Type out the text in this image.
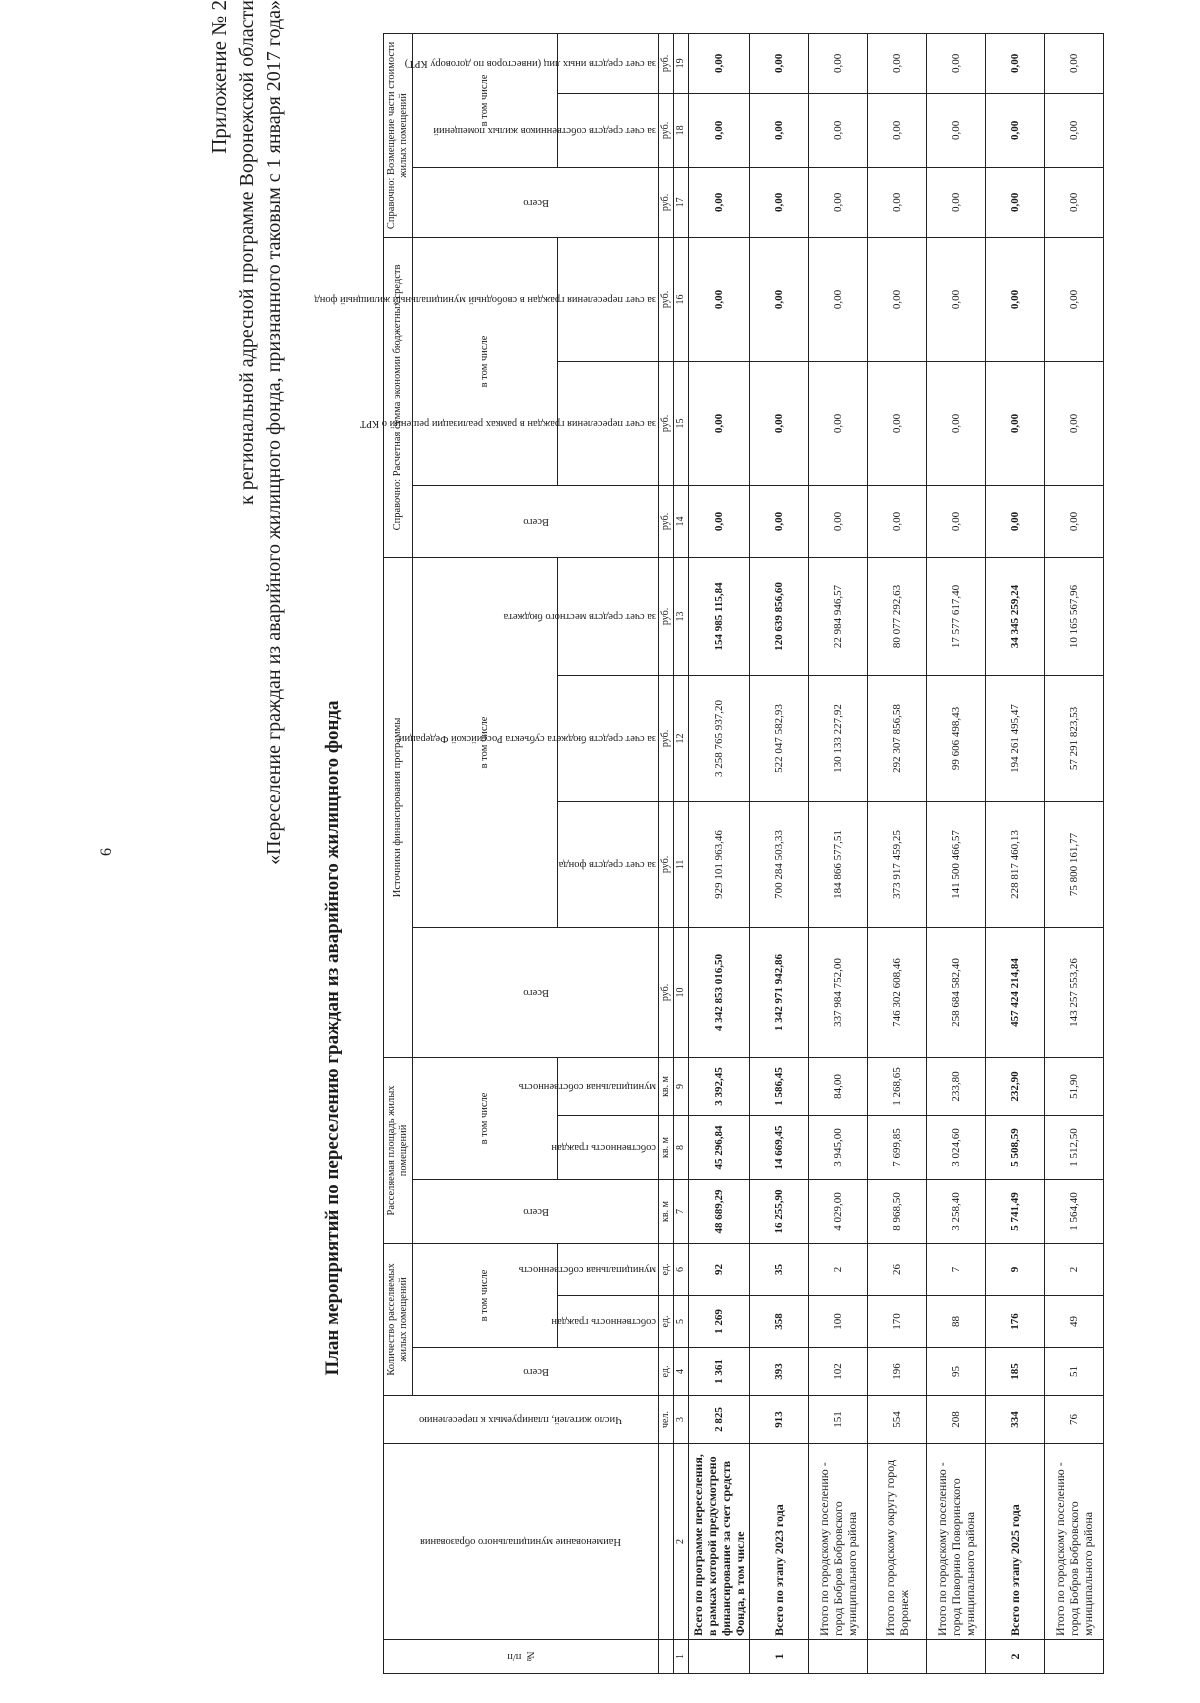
6
Приложение № 2 к региональной адресной программе Воронежской области «Переселение граждан из аварийного жилищного фонда, признанного таковым с 1 января 2017 года»
План мероприятий по переселению граждан из аварийного жилищного фонда
№ п/п	Наименование муниципального образования	Число жителей, планируемых к переселению	Количество расселяемых жилых помещений			Расселяемая площадь жилых помещений			Источники финансирования программы				Справочно: Расчетная сумма экономии бюджетных средств			Справочно: Возмещение части стоимости жилых помещений		

			Всего	в том числе		Всего	в том числе		Всего	в том числе			Всего	в том числе		Всего	в том числе	

				собственность граждан	муниципальная собственность		собственность граждан	муниципальная собственность		за счет средств фонда	за счет средств бюджета субъекта Российской Федерации	за счет средств местного бюджета		за счет переселения граждан в рамках реализации решений о КРТ	за счет переселения граждан в свободный муниципальный жилищный фонд		за счет средств собственников жилых помещений	за счет средств иных лиц (инвесторов по договору КРТ)

		чел.	ед.	ед.	ед.	кв. м	кв. м	кв. м	руб.	руб.	руб.	руб.	руб.	руб.	руб.	руб.	руб.	руб.
1	2	3	4	5	6	7	8	9	10	11	12	13	14	15	16	17	18	19
	Всего по программе переселения, в рамках которой предусмотрено финансирование за счет средств Фонда, в том числе	2 825	1 361	1 269	92	48 689,29	45 296,84	3 392,45	4 342 853 016,50	929 101 963,46	3 258 765 937,20	154 985 115,84	0,00	0,00	0,00	0,00	0,00	0,00
1	Всего по этапу 2023 года	913	393	358	35	16 255,90	14 669,45	1 586,45	1 342 971 942,86	700 284 503,33	522 047 582,93	120 639 856,60	0,00	0,00	0,00	0,00	0,00	0,00
	Итого по городскому поселению - город Бобров Бобровского муниципального района	151	102	100	2	4 029,00	3 945,00	84,00	337 984 752,00	184 866 577,51	130 133 227,92	22 984 946,57	0,00	0,00	0,00	0,00	0,00	0,00
	Итого по городскому округу город Воронеж	554	196	170	26	8 968,50	7 699,85	1 268,65	746 302 608,46	373 917 459,25	292 307 856,58	80 077 292,63	0,00	0,00	0,00	0,00	0,00	0,00
	Итого по городскому поселению - город Поворино Поворинского муниципального района	208	95	88	7	3 258,40	3 024,60	233,80	258 684 582,40	141 500 466,57	99 606 498,43	17 577 617,40	0,00	0,00	0,00	0,00	0,00	0,00
2	Всего по этапу 2025 года	334	185	176	9	5 741,49	5 508,59	232,90	457 424 214,84	228 817 460,13	194 261 495,47	34 345 259,24	0,00	0,00	0,00	0,00	0,00	0,00
	Итого по городскому поселению - город Бобров Бобровского муниципального района	76	51	49	2	1 564,40	1 512,50	51,90	143 257 553,26	75 800 161,77	57 291 823,53	10 165 567,96	0,00	0,00	0,00	0,00	0,00	0,00
